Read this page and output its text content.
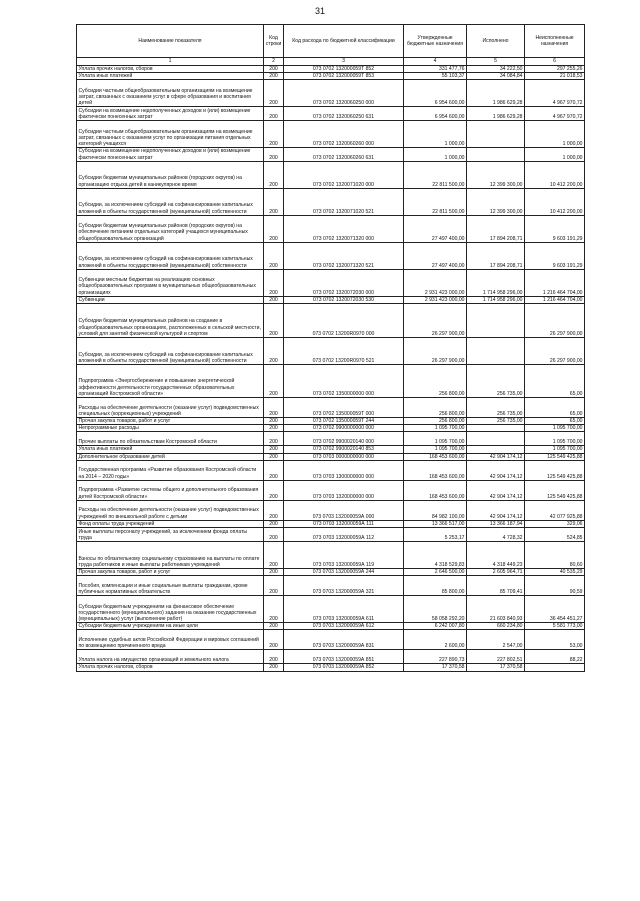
31
Наименование показателя	Код строки	Код расхода по бюджетной классификации	Утвержденные бюджетные назначения	Исполнено	Неисполненные назначения
1	2	3	4	5	6
Уплата прочих налогов, сборов	200	073 0702 132000059Т 852	331 477,76	34 222,50	297 255,26
Уплата иных платежей	200	073 0702 132000059Т 853	55 103,37	34 084,84	21 018,53
Субсидии частным общеобразовательным организациям на возмещение затрат, связанных с оказанием услуг в сфере образования и воспитания детей	200	073 0702 1320060250 000	6 954 600,00	1 986 629,28	4 967 970,72
Субсидии на возмещение недополученных доходов и (или) возмещение фактически понесенных затрат	200	073 0702 1320060250 631	6 954 600,00	1 986 629,28	4 967 970,72
Субсидии частным общеобразовательным организациям на возмещение затрат, связанных с оказанием услуг по организации питания отдельных категорий учащихся	200	073 0702 1320060260 000	1 000,00		1 000,00
Субсидии на возмещение недополученных доходов и (или) возмещение фактически понесенных затрат	200	073 0702 1320060260 631	1 000,00		1 000,00
Субсидии бюджетам муниципальных районов (городских округов) на организацию отдыха детей в каникулярное время	200	073 0702 1320071020 000	22 811 500,00	12 399 300,00	10 412 200,00
Субсидии, за исключением субсидий на софинансирование капитальных вложений в объекты государственной (муниципальной) собственности	200	073 0702 1320071020 521	22 811 500,00	12 399 300,00	10 412 200,00
Субсидии бюджетам муниципальных районов (городских округов) на обеспечение питанием отдельных категорий учащихся муниципальных общеобразовательных организаций	200	073 0702 1320071320 000	27 497 400,00	17 894 208,71	9 603 191,29
Субсидии, за исключением субсидий на софинансирование капитальных вложений в объекты государственной (муниципальной) собственности	200	073 0702 1320071320 521	27 497 400,00	17 894 208,71	9 603 191,29
Субвенции местным бюджетам на реализацию основных общеобразовательных программ в муниципальных общеобразовательных организациях	200	073 0702 1320072030 000	2 931 423 000,00	1 714 958 296,00	1 216 464 704,00
Субвенции	200	073 0702 1320072030 530	2 931 423 000,00	1 714 958 296,00	1 216 464 704,00
Субсидии бюджетам муниципальных районов на создание в общеобразовательных организациях, расположенных в сельской местности, условий для занятий физической культурой и спортом	200	073 0702 13200R0970 000	26 297 900,00		26 297 900,00
Субсидии, за исключением субсидий на софинансирование капитальных вложений в объекты государственной (муниципальной) собственности	200	073 0702 13200R0970 521	26 297 900,00		26 297 900,00
Подпрограмма «Энергосбережение и повышение энергетической эффективности деятельности государственных образовательных организаций Костромской области»	200	073 0702 1350000000 000	256 800,00	256 735,00	65,00
Расходы на обеспечение деятельности (оказание услуг) подведомственных специальных (коррекционных) учреждений	200	073 0702 135000059Т 000	256 800,00	256 735,00	65,00
Прочая закупка товаров, работ и услуг	200	073 0702 135000059Т 244	256 800,00	256 735,00	65,00
Непрограммные расходы	200	073 0702 9900000000 000	1 095 700,00		1 095 700,00
Прочие выплаты по обязательствам Костромской области	200	073 0702 9900020140 000	1 095 700,00		1 095 700,00
Уплата иных платежей	200	073 0702 9900020140 853	1 095 700,00		1 095 700,00
Дополнительное образование детей	200	073 0703 0000000000 000	168 453 600,00	42 904 174,12	125 549 425,88
Государственная программа «Развитие образования Костромской области на 2014 – 2020 годы»	200	073 0703 1300000000 000	168 453 600,00	42 904 174,12	125 549 425,88
Подпрограмма «Развитие системы общего и дополнительного образования детей Костромской области»	200	073 0703 1320000000 000	168 453 600,00	42 904 174,12	125 549 425,88
Расходы на обеспечение деятельности (оказание услуг) подведомственных учреждений по внешкольной работе с детьми	200	073 0703 132000059А 000	84 982 100,00	42 904 174,12	42 077 925,88
Фонд оплаты труда учреждений	200	073 0703 132000059А 111	13 366 517,00	13 366 187,94	329,06
Иные выплаты персоналу учреждений, за исключением фонда оплаты труда	200	073 0703 132000059А 112	5 253,17	4 728,32	524,85
Взносы по обязательному социальному страхованию на выплаты по оплате труда работников и иные выплаты работникам учреждений	200	073 0703 132000059А 119	4 318 529,83	4 318 449,23	80,60
Прочая закупка товаров, работ и услуг	200	073 0703 132000059А 244	2 646 500,00	2 605 964,71	40 535,29
Пособия, компенсации и иные социальные выплаты гражданам, кроме публичных нормативных обязательств	200	073 0703 132000059А 321	85 800,00	85 709,41	90,59
Субсидии бюджетным учреждениям на финансовое обеспечение государственного (муниципального) задания на оказание государственных (муниципальных) услуг (выполнение работ)	200	073 0703 132000059А 611	58 058 292,20	21 603 840,93	36 454 451,27
Субсидии бюджетным учреждениям на иные цели	200	073 0703 132000059А 612	6 242 007,80	660 234,80	5 581 773,00
Исполнение судебных актов Российской Федерации и мировых соглашений по возмещению причиненного вреда	200	073 0703 132000059А 831	2 600,00	2 547,00	53,00
Уплата налога на имущество организаций и земельного налога	200	073 0703 132000059А 851	227 890,73	227 802,51	88,22
Уплата прочих налогов, сборов	200	073 0703 132000059А 852	17 370,58	17 370,58	
